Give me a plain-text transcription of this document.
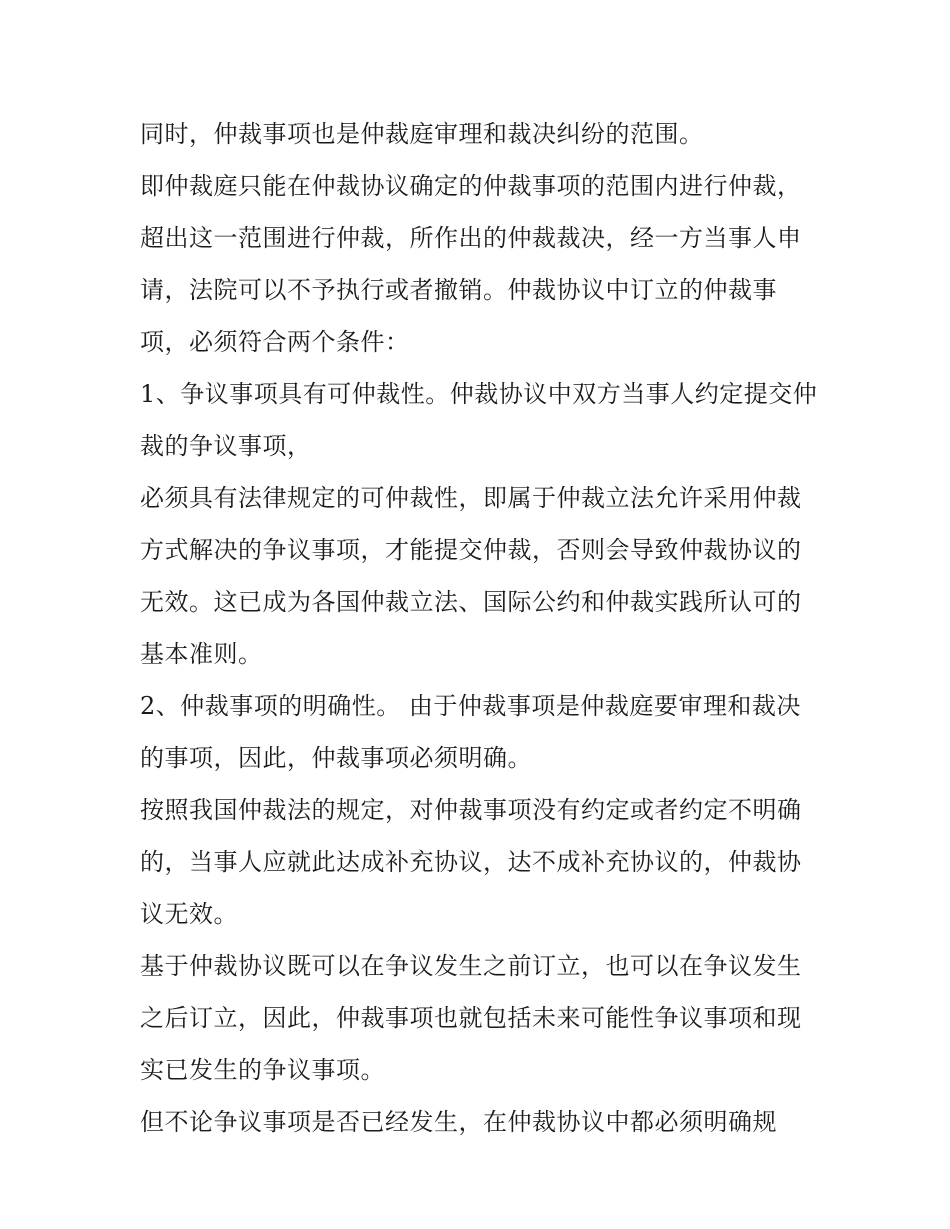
同时，仲裁事项也是仲裁庭审理和裁决纠纷的范围。

即仲裁庭只能在仲裁协议确定的仲裁事项的范围内进行仲裁，超出这一范围进行仲裁，所作出的仲裁裁决，经一方当事人申请，法院可以不予执行或者撤销。仲裁协议中订立的仲裁事项，必须符合两个条件：

1、争议事项具有可仲裁性。仲裁协议中双方当事人约定提交仲裁的争议事项，

必须具有法律规定的可仲裁性，即属于仲裁立法允许采用仲裁方式解决的争议事项，才能提交仲裁，否则会导致仲裁协议的无效。这已成为各国仲裁立法、国际公约和仲裁实践所认可的基本准则。

2、仲裁事项的明确性。 由于仲裁事项是仲裁庭要审理和裁决的事项，因此，仲裁事项必须明确。

按照我国仲裁法的规定，对仲裁事项没有约定或者约定不明确的，当事人应就此达成补充协议，达不成补充协议的，仲裁协议无效。

基于仲裁协议既可以在争议发生之前订立，也可以在争议发生之后订立，因此，仲裁事项也就包括未来可能性争议事项和现实已发生的争议事项。

但不论争议事项是否已经发生，在仲裁协议中都必须明确规
